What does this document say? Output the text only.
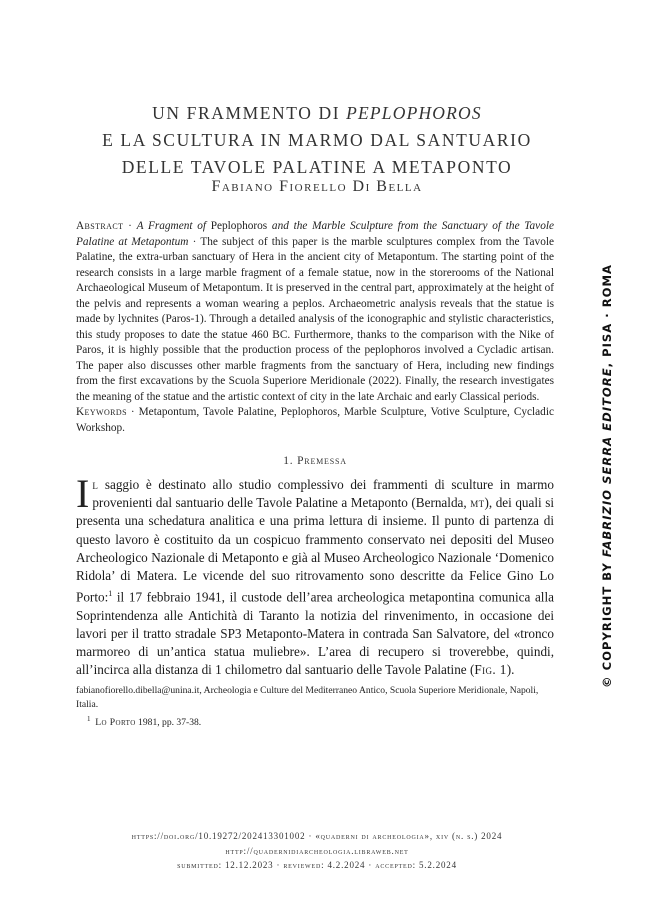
UN FRAMMENTO DI PEPLOPHOROS
E LA SCULTURA IN MARMO DAL SANTUARIO
DELLE TAVOLE PALATINE A METAPONTO
Fabiano Fiorello Di Bella
Abstract · A Fragment of Peplophoros and the Marble Sculpture from the Sanctuary of the Tavole Palatine at Metapontum · The subject of this paper is the marble sculptures complex from the Tavole Palatine, the extra-urban sanctuary of Hera in the ancient city of Metapontum. The starting point of the research consists in a large marble fragment of a female statue, now in the storerooms of the National Archaeological Museum of Metapontum. It is preserved in the central part, approximately at the height of the pelvis and represents a woman wearing a peplos. Archaeometric analysis reveals that the statue is made by lychnites (Paros-1). Through a detailed analysis of the iconographic and stylistic characteristics, this study proposes to date the statue 460 BC. Furthermore, thanks to the comparison with the Nike of Paros, it is highly possible that the production process of the peplophoros involved a Cycladic artisan. The paper also discusses other marble fragments from the sanctuary of Hera, including new findings from the first excavations by the Scuola Superiore Meridionale (2022). Finally, the research investigates the meaning of the statue and the artistic context of city in the late Archaic and early Classical periods.
Keywords · Metapontum, Tavole Palatine, Peplophoros, Marble Sculpture, Votive Sculpture, Cycladic Workshop.
1. Premessa
Il saggio è destinato allo studio complessivo dei frammenti di sculture in marmo provenienti dal santuario delle Tavole Palatine a Metaponto (Bernalda, mt), dei quali si presenta una schedatura analitica e una prima lettura di insieme. Il punto di partenza di questo lavoro è costituito da un cospicuo frammento conservato nei depositi del Museo Archeologico Nazionale di Metaponto e già al Museo Archeologico Nazionale ‘Domenico Ridola’ di Matera. Le vicende del suo ritrovamento sono descritte da Felice Gino Lo Porto:$^1$ il 17 febbraio 1941, il custode dell’area archeologica metapontina comunica alla Soprintendenza alle Antichità di Taranto la notizia del rinvenimento, in occasione dei lavori per il tratto stradale SP3 Metaponto-Matera in contrada San Salvatore, del «tronco marmoreo di un’antica statua muliebre». L’area di recupero si troverebbe, quindi, all’incirca alla distanza di 1 chilometro dal santuario delle Tavole Palatine (Fig. 1).
fabianofiorello.dibella@unina.it, Archeologia e Culture del Mediterraneo Antico, Scuola Superiore Meridionale, Napoli, Italia.
$^1$ Lo Porto 1981, pp. 37-38.
https://doi.org/10.19272/202413301002 · «quaderni di archeologia», xiv (n. s.) 2024
http://quadernidiarcheologia.libraweb.net
submitted: 12.12.2023 · reviewed: 4.2.2024 · accepted: 5.2.2024
© COPYRIGHT BY FABRIZIO SERRA EDITORE, PISA · ROMA
